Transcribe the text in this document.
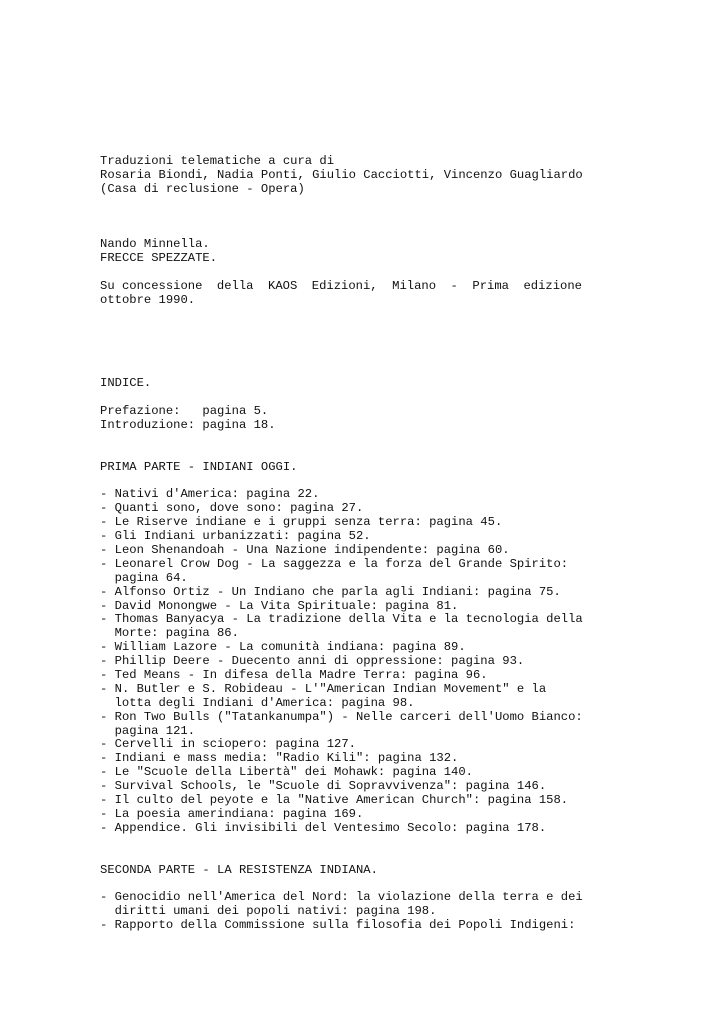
Traduzioni telematiche a cura di
Rosaria Biondi, Nadia Ponti, Giulio Cacciotti, Vincenzo Guagliardo
(Casa di reclusione - Opera)
Nando Minnella.
FRECCE SPEZZATE.
Su concessione della KAOS Edizioni, Milano - Prima edizione
ottobre 1990.
INDICE.
Prefazione:   pagina 5.
Introduzione: pagina 18.
PRIMA PARTE - INDIANI OGGI.
- Nativi d'America: pagina 22.
- Quanti sono, dove sono: pagina 27.
- Le Riserve indiane e i gruppi senza terra: pagina 45.
- Gli Indiani urbanizzati: pagina 52.
- Leon Shenandoah - Una Nazione indipendente: pagina 60.
- Leonarel Crow Dog - La saggezza e la forza del Grande Spirito:
pagina 64.
- Alfonso Ortiz - Un Indiano che parla agli Indiani: pagina 75.
- David Monongwe - La Vita Spirituale: pagina 81.
- Thomas Banyacya - La tradizione della Vita e la tecnologia della
Morte: pagina 86.
- William Lazore - La comunità indiana: pagina 89.
- Phillip Deere - Duecento anni di oppressione: pagina 93.
- Ted Means - In difesa della Madre Terra: pagina 96.
- N. Butler e S. Robideau - L'"American Indian Movement" e la
lotta degli Indiani d'America: pagina 98.
- Ron Two Bulls ("Tatankanumpa") - Nelle carceri dell'Uomo Bianco:
pagina 121.
- Cervelli in sciopero: pagina 127.
- Indiani e mass media: "Radio Kili": pagina 132.
- Le "Scuole della Libertà" dei Mohawk: pagina 140.
- Survival Schools, le "Scuole di Sopravvivenza": pagina 146.
- Il culto del peyote e la "Native American Church": pagina 158.
- La poesia amerindiana: pagina 169.
- Appendice. Gli invisibili del Ventesimo Secolo: pagina 178.
SECONDA PARTE - LA RESISTENZA INDIANA.
- Genocidio nell'America del Nord: la violazione della terra e dei
diritti umani dei popoli nativi: pagina 198.
- Rapporto della Commissione sulla filosofia dei Popoli Indigeni:
